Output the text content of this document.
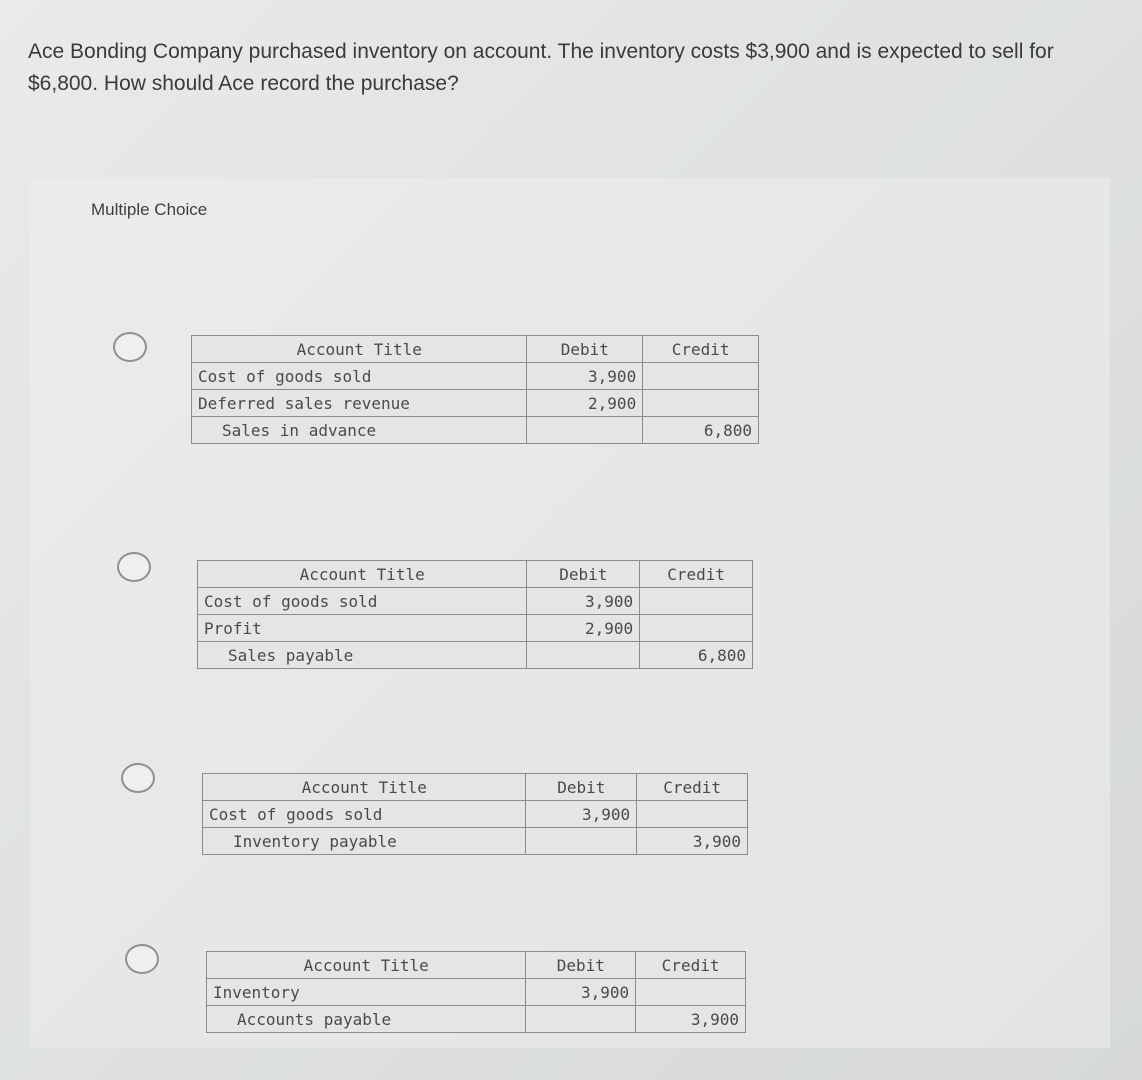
Ace Bonding Company purchased inventory on account. The inventory costs $3,900 and is expected to sell for $6,800. How should Ace record the purchase?
Multiple Choice
Account Title	Debit	Credit
Cost of goods sold	3,900	
Deferred sales revenue	2,900	
Sales in advance		6,800
Account Title	Debit	Credit
Cost of goods sold	3,900	
Profit	2,900	
Sales payable		6,800
Account Title	Debit	Credit
Cost of goods sold	3,900	
Inventory payable		3,900
Account Title	Debit	Credit
Inventory	3,900	
Accounts payable		3,900
